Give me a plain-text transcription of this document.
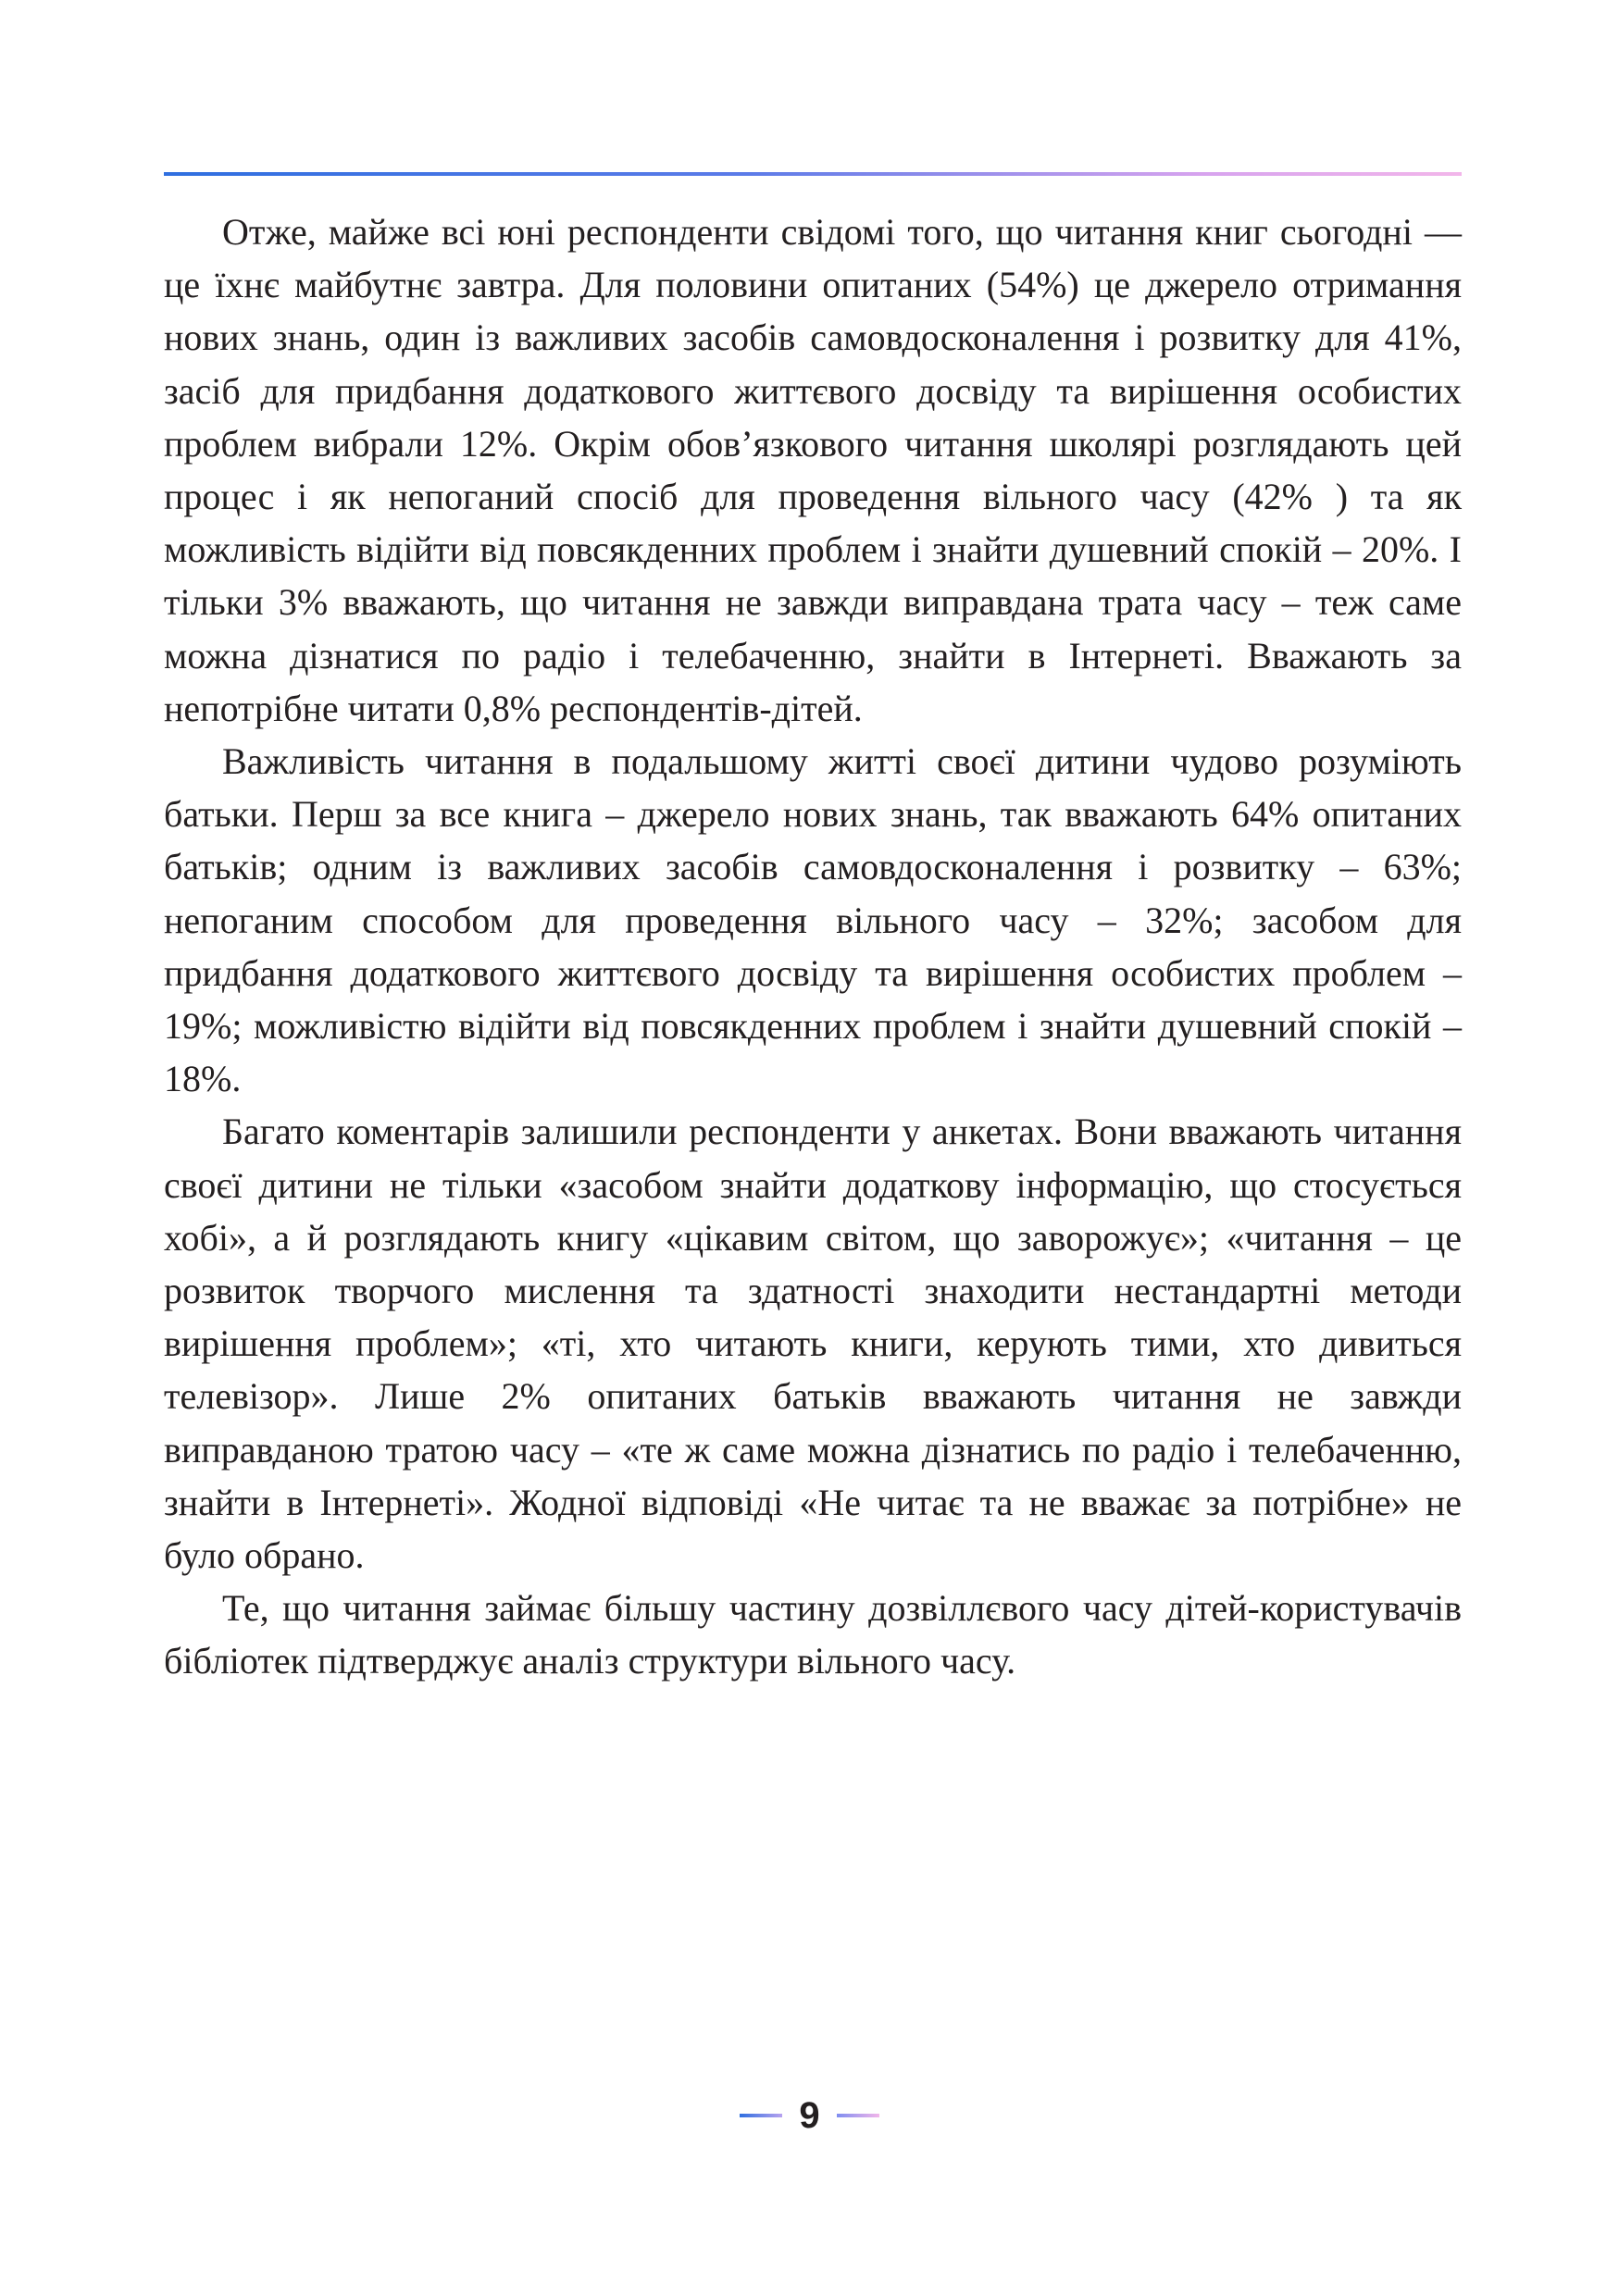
Отже, майже всі юні респонденти свідомі того, що читання книг сьогодні — це їхнє майбутнє завтра. Для половини опитаних (54%) це джерело отримання нових знань, один із важливих засобів самовдосконалення і розвитку для 41%, засіб для придбання додаткового життєвого досвіду та вирішення особистих проблем вибрали 12%. Окрім обов’язкового читання школярі розглядають цей процес і як непоганий спосіб для проведення вільного часу (42% ) та як можливість відійти від повсякденних проблем і знайти душевний спокій – 20%. І тільки 3% вважають, що читання не завжди виправдана трата часу – теж саме можна дізнатися по радіо і телебаченню, знайти в Інтернеті. Вважають за непотрібне читати 0,8% респондентів-дітей.

Важливість читання в подальшому житті своєї дитини чудово розуміють батьки. Перш за все книга – джерело нових знань, так вважають 64% опитаних батьків; одним із важливих засобів самовдосконалення і розвитку – 63%; непоганим способом для проведення вільного часу – 32%; засобом для придбання додаткового життєвого досвіду та вирішення особистих проблем – 19%; можливістю відійти від повсякденних проблем і знайти душевний спокій – 18%.

Багато коментарів залишили респонденти у анкетах. Вони вважають читання своєї дитини не тільки «засобом знайти додаткову інформацію, що стосується хобі», а й розглядають книгу «цікавим світом, що заворожує»; «читання – це розвиток творчого мислення та здатності знаходити нестандартні методи вирішення проблем»; «ті, хто читають книги, керують тими, хто дивиться телевізор». Лише 2% опитаних батьків вважають читання не завжди виправданою тратою часу – «те ж саме можна дізнатись по радіо і телебаченню, знайти в Інтернеті». Жодної відповіді «Не читає та не вважає за потрібне» не було обрано.

Те, що читання займає більшу частину дозвіллєвого часу дітей-користувачів бібліотек підтверджує аналіз структури вільного часу.

9
